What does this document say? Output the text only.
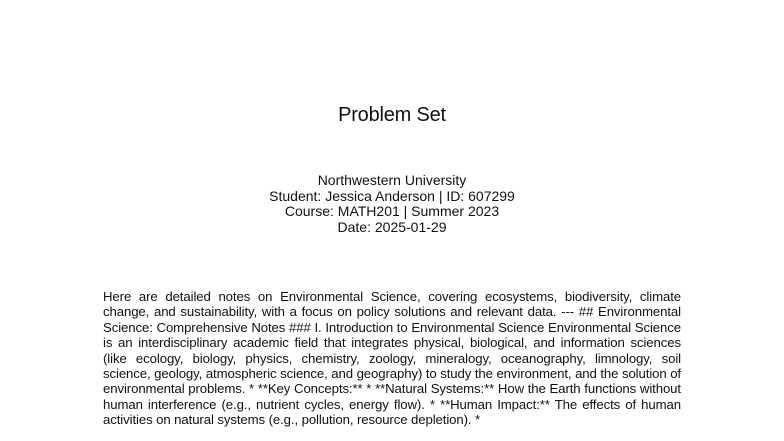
Problem Set
Northwestern University
Student: Jessica Anderson | ID: 607299
Course: MATH201 | Summer 2023
Date: 2025-01-29
Here are detailed notes on Environmental Science, covering ecosystems, biodiversity, climate change, and sustainability, with a focus on policy solutions and relevant data. --- ## Environmental Science: Comprehensive Notes ### I. Introduction to Environmental Science Environmental Science is an interdisciplinary academic field that integrates physical, biological, and information sciences (like ecology, biology, physics, chemistry, zoology, mineralogy, oceanography, limnology, soil science, geology, atmospheric science, and geography) to study the environment, and the solution of environmental problems. * **Key Concepts:** * **Natural Systems:** How the Earth functions without human interference (e.g., nutrient cycles, energy flow). * **Human Impact:** The effects of human activities on natural systems (e.g., pollution, resource depletion). *
